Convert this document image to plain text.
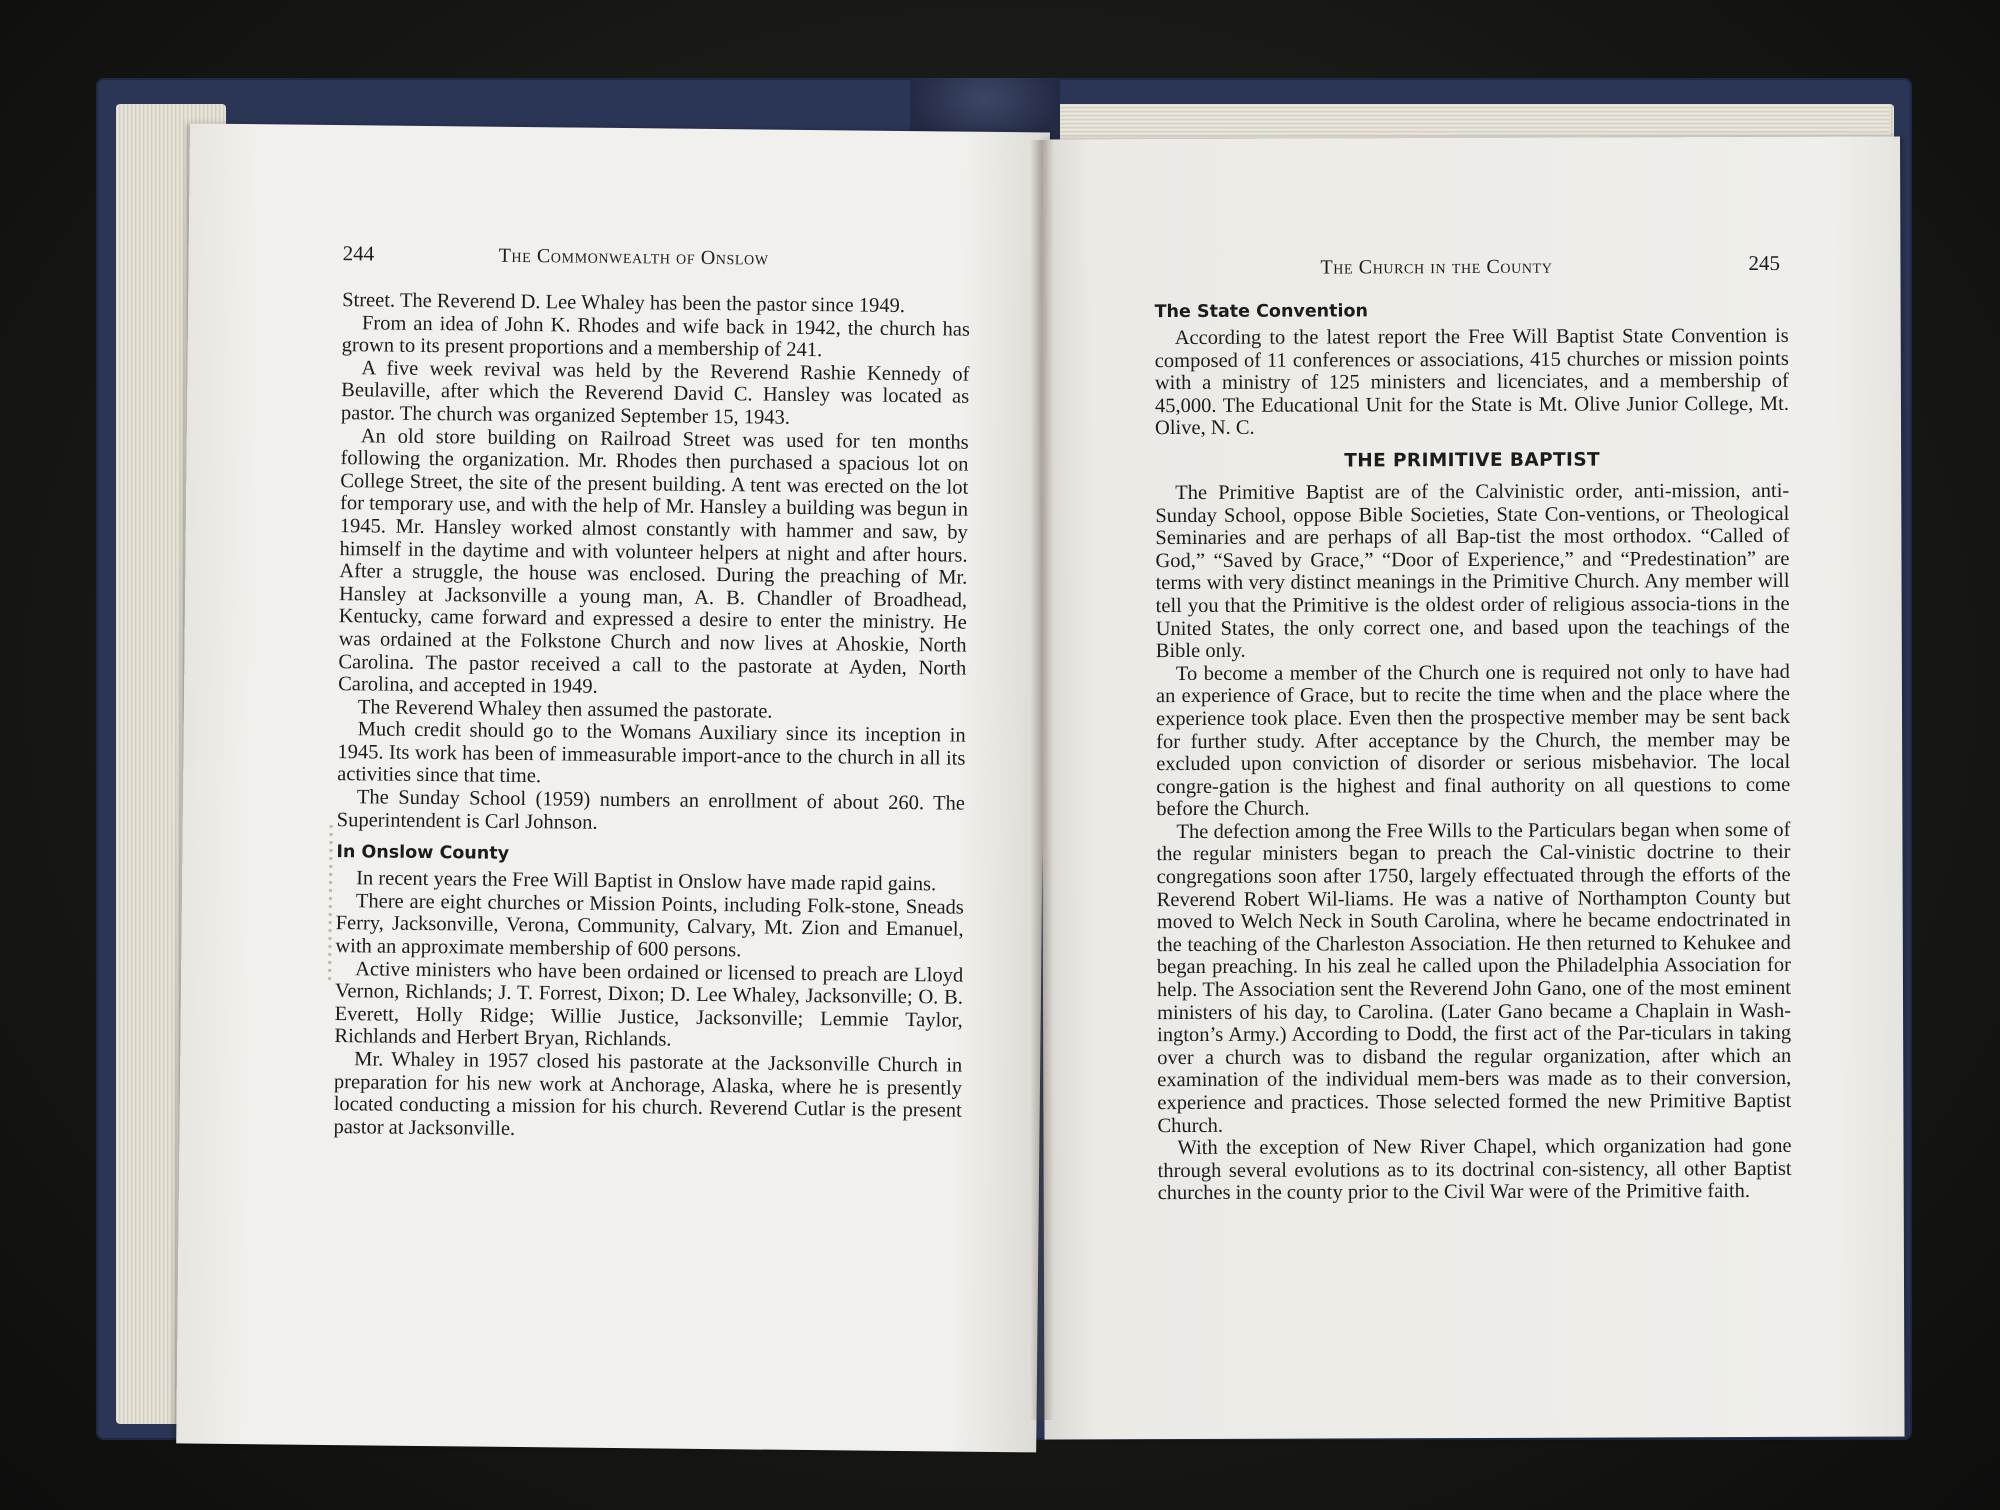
244	The Commonwealth of Onslow

Street. The Reverend D. Lee Whaley has been the pastor since 1949.

From an idea of John K. Rhodes and wife back in 1942, the church has grown to its present proportions and a membership of 241.

A five week revival was held by the Reverend Rashie Kennedy of Beulaville, after which the Reverend David C. Hansley was located as pastor. The church was organized September 15, 1943.

An old store building on Railroad Street was used for ten months following the organization. Mr. Rhodes then purchased a spacious lot on College Street, the site of the present building. A tent was erected on the lot for temporary use, and with the help of Mr. Hansley a building was begun in 1945. Mr. Hansley worked almost constantly with hammer and saw, by himself in the daytime and with volunteer helpers at night and after hours. After a struggle, the house was enclosed. During the preaching of Mr. Hansley at Jacksonville a young man, A. B. Chandler of Broadhead, Kentucky, came forward and expressed a desire to enter the ministry. He was ordained at the Folkstone Church and now lives at Ahoskie, North Carolina. The pastor received a call to the pastorate at Ayden, North Carolina, and accepted in 1949.

The Reverend Whaley then assumed the pastorate.

Much credit should go to the Womans Auxiliary since its inception in 1945. Its work has been of immeasurable import-ance to the church in all its activities since that time.

The Sunday School (1959) numbers an enrollment of about 260. The Superintendent is Carl Johnson.

In Onslow County

In recent years the Free Will Baptist in Onslow have made rapid gains.

There are eight churches or Mission Points, including Folk-stone, Sneads Ferry, Jacksonville, Verona, Community, Calvary, Mt. Zion and Emanuel, with an approximate membership of 600 persons.

Active ministers who have been ordained or licensed to preach are Lloyd Vernon, Richlands; J. T. Forrest, Dixon; D. Lee Whaley, Jacksonville; O. B. Everett, Holly Ridge; Willie Justice, Jacksonville; Lemmie Taylor, Richlands and Herbert Bryan, Richlands.

Mr. Whaley in 1957 closed his pastorate at the Jacksonville Church in preparation for his new work at Anchorage, Alaska, where he is presently located conducting a mission for his church. Reverend Cutlar is the present pastor at Jacksonville.

The Church in the County	245
The State Convention

According to the latest report the Free Will Baptist State Convention is composed of 11 conferences or associations, 415 churches or mission points with a ministry of 125 ministers and licenciates, and a membership of 45,000. The Educational Unit for the State is Mt. Olive Junior College, Mt. Olive, N. C.

THE PRIMITIVE BAPTIST

The Primitive Baptist are of the Calvinistic order, anti-mission, anti-Sunday School, oppose Bible Societies, State Con-ventions, or Theological Seminaries and are perhaps of all Bap-tist the most orthodox. “Called of God,” “Saved by Grace,” “Door of Experience,” and “Predestination” are terms with very distinct meanings in the Primitive Church. Any member will tell you that the Primitive is the oldest order of religious associa-tions in the United States, the only correct one, and based upon the teachings of the Bible only.

To become a member of the Church one is required not only to have had an experience of Grace, but to recite the time when and the place where the experience took place. Even then the prospective member may be sent back for further study. After acceptance by the Church, the member may be excluded upon conviction of disorder or serious misbehavior. The local congre-gation is the highest and final authority on all questions to come before the Church.

The defection among the Free Wills to the Particulars began when some of the regular ministers began to preach the Cal-vinistic doctrine to their congregations soon after 1750, largely effectuated through the efforts of the Reverend Robert Wil-liams. He was a native of Northampton County but moved to Welch Neck in South Carolina, where he became endoctrinated in the teaching of the Charleston Association. He then returned to Kehukee and began preaching. In his zeal he called upon the Philadelphia Association for help. The Association sent the Reverend John Gano, one of the most eminent ministers of his day, to Carolina. (Later Gano became a Chaplain in Wash-ington’s Army.) According to Dodd, the first act of the Par-ticulars in taking over a church was to disband the regular organization, after which an examination of the individual mem-bers was made as to their conversion, experience and practices. Those selected formed the new Primitive Baptist Church.

With the exception of New River Chapel, which organization had gone through several evolutions as to its doctrinal con-sistency, all other Baptist churches in the county prior to the Civil War were of the Primitive faith.
